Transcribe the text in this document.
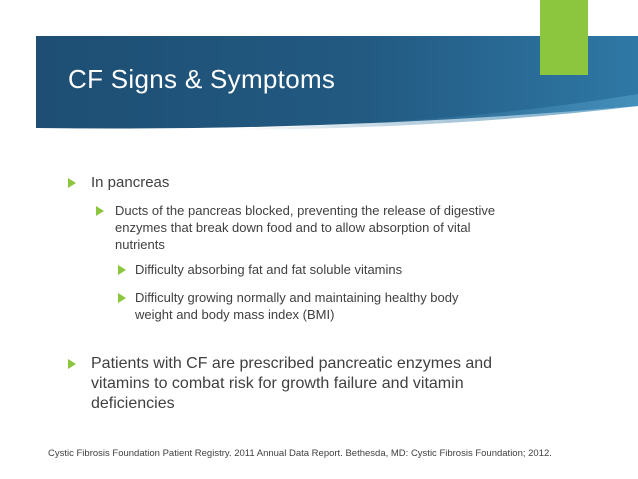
CF Signs & Symptoms
In pancreas
Ducts of the pancreas blocked, preventing the release of digestive
enzymes that break down food and to allow absorption of vital
nutrients
Difficulty absorbing fat and fat soluble vitamins
Difficulty growing normally and maintaining healthy body
weight and body mass index (BMI)
Patients with CF are prescribed pancreatic enzymes and
vitamins to combat risk for growth failure and vitamin
deficiencies
Cystic Fibrosis Foundation Patient Registry. 2011 Annual Data Report. Bethesda, MD: Cystic Fibrosis Foundation; 2012.
